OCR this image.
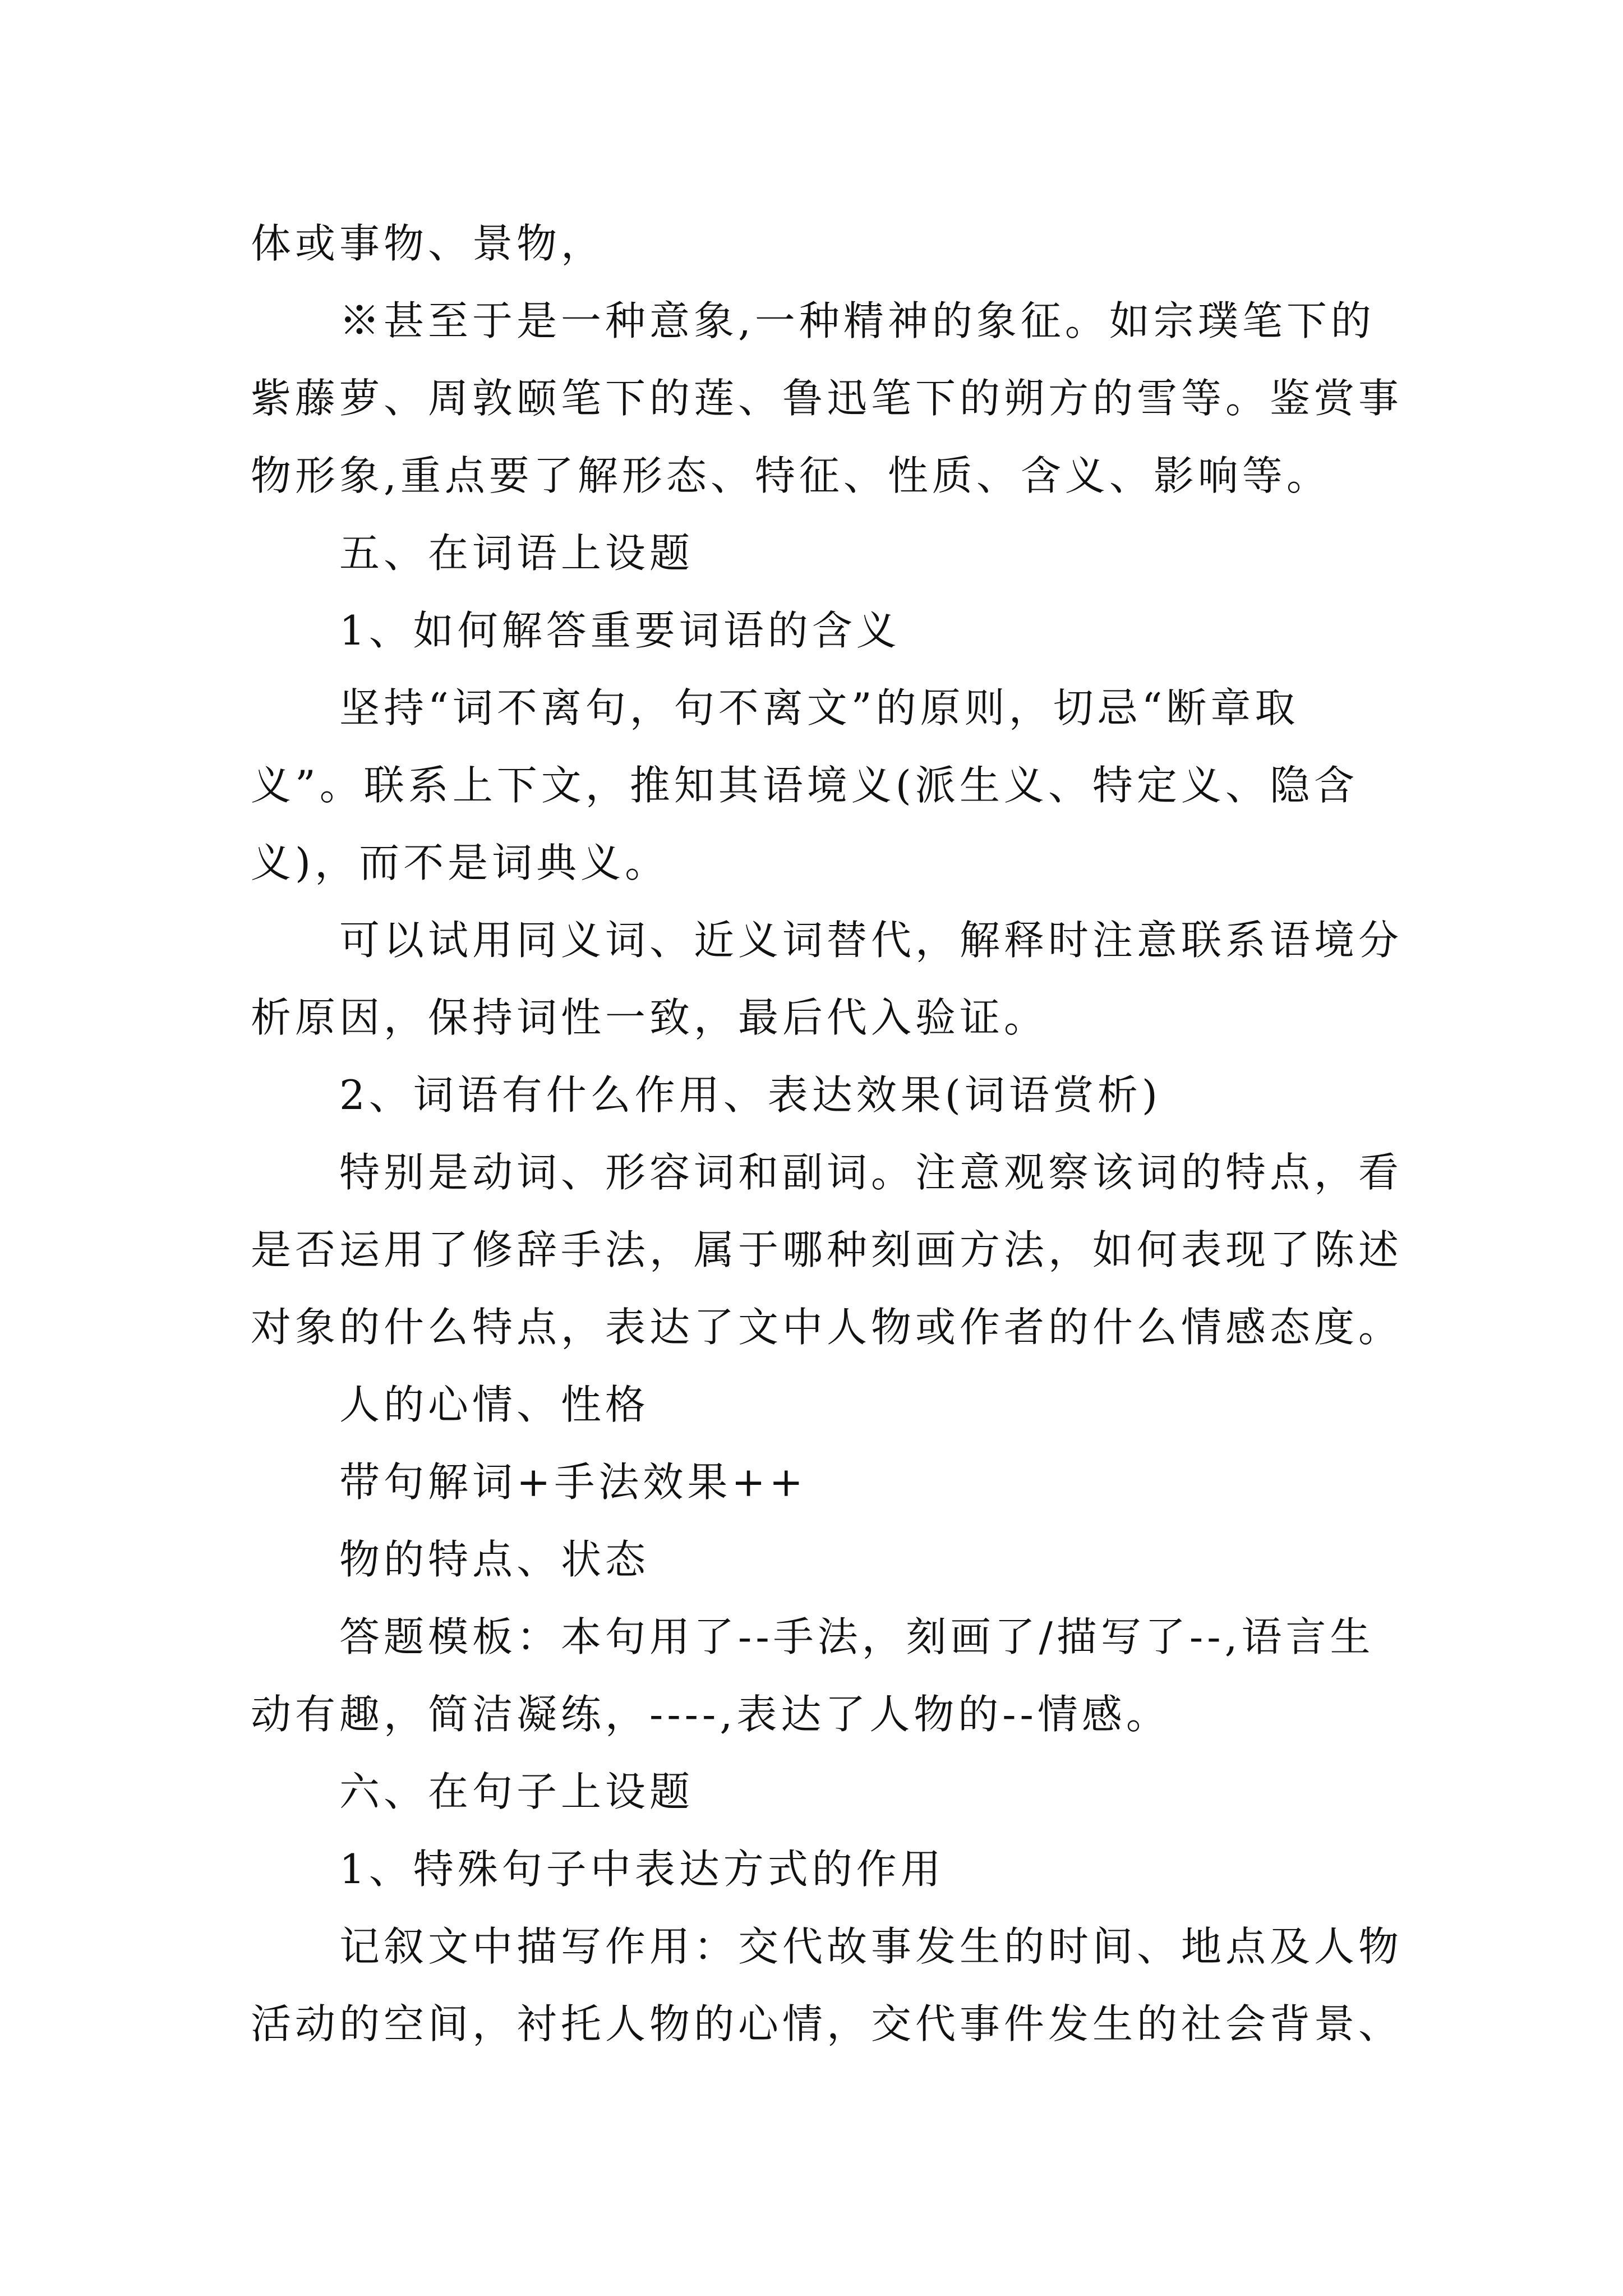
体或事物、景物，
※甚至于是一种意象,一种精神的象征。如宗璞笔下的
紫藤萝、周敦颐笔下的莲、鲁迅笔下的朔方的雪等。鉴赏事
物形象,重点要了解形态、特征、性质、含义、影响等。
五、在词语上设题
1、如何解答重要词语的含义
坚持“词不离句，句不离文”的原则，切忌“断章取
义”。联系上下文，推知其语境义(派生义、特定义、隐含
义)，而不是词典义。
可以试用同义词、近义词替代，解释时注意联系语境分
析原因，保持词性一致，最后代入验证。
2、词语有什么作用、表达效果(词语赏析)
特别是动词、形容词和副词。注意观察该词的特点，看
是否运用了修辞手法，属于哪种刻画方法，如何表现了陈述
对象的什么特点，表达了文中人物或作者的什么情感态度。
人的心情、性格
带句解词+手法效果++
物的特点、状态
答题模板：本句用了--手法，刻画了/描写了--,语言生
动有趣，简洁凝练，----,表达了人物的--情感。
六、在句子上设题
1、特殊句子中表达方式的作用
记叙文中描写作用：交代故事发生的时间、地点及人物
活动的空间，衬托人物的心情，交代事件发生的社会背景、
